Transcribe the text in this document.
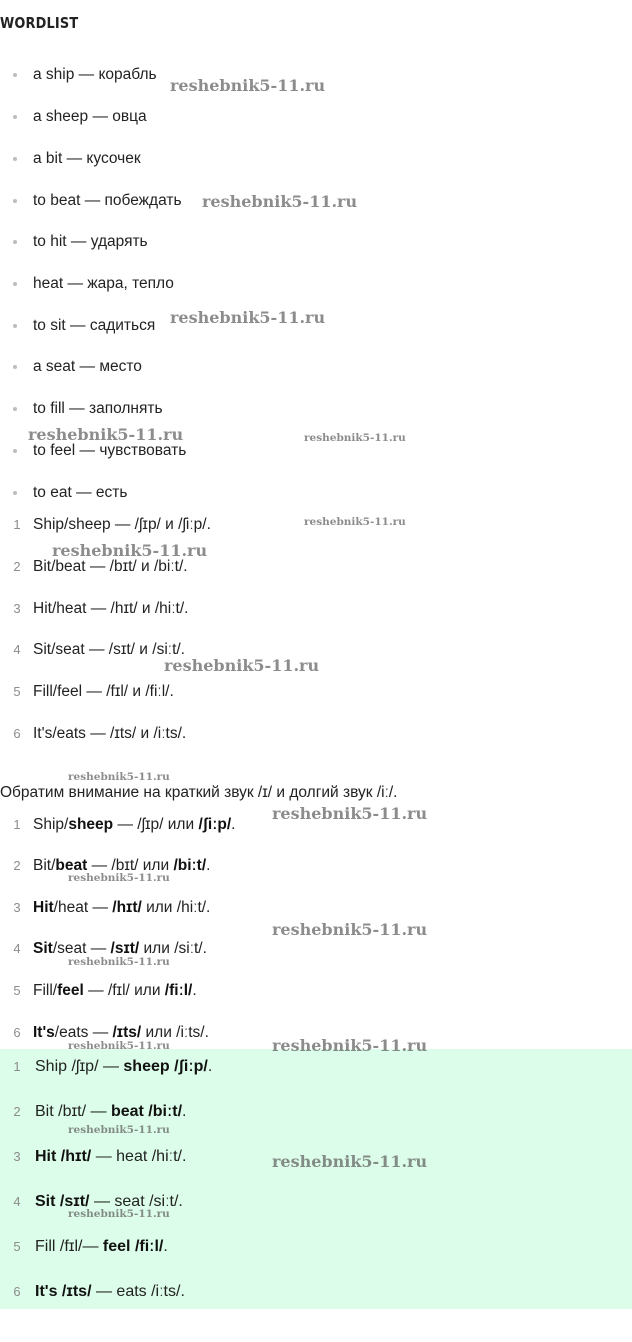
WORDLIST
a ship — корабль
a sheep — овца
a bit — кусочек
to beat — побеждать
to hit — ударять
heat — жара, тепло
to sit — садиться
a seat — место
to fill — заполнять
to feel — чувствовать
to eat — есть
1 Ship/sheep — /ʃɪp/ и /ʃiːp/.
2 Bit/beat — /bɪt/ и /biːt/.
3 Hit/heat — /hɪt/ и /hiːt/.
4 Sit/seat — /sɪt/ и /siːt/.
5 Fill/feel — /fɪl/ и /fiːl/.
6 It's/eats — /ɪts/ и /iːts/.
Обратим внимание на краткий звук /ɪ/ и долгий звук /iː/.
1 Ship/sheep — /ʃɪp/ или /ʃiːp/.
2 Bit/beat — /bɪt/ или /biːt/.
3 Hit/heat — /hɪt/ или /hiːt/.
4 Sit/seat — /sɪt/ или /siːt/.
5 Fill/feel — /fɪl/ или /fiːl/.
6 It's/eats — /ɪts/ или /iːts/.
1 Ship /ʃɪp/ — sheep /ʃiːp/.
2 Bit /bɪt/ — beat /biːt/.
3 Hit /hɪt/ — heat /hiːt/.
4 Sit /sɪt/ — seat /siːt/.
5 Fill /fɪl/— feel /fiːl/.
6 It's /ɪts/ — eats /iːts/.
reshebnik5-11.ru
reshebnik5-11.ru
reshebnik5-11.ru
reshebnik5-11.ru	reshebnik5-11.ru
reshebnik5-11.ru
reshebnik5-11.ru
reshebnik5-11.ru
reshebnik5-11.ru
reshebnik5-11.ru
reshebnik5-11.ru
reshebnik5-11.ru
reshebnik5-11.ru
reshebnik5-11.ru	reshebnik5-11.ru
reshebnik5-11.ru
reshebnik5-11.ru
reshebnik5-11.ru
